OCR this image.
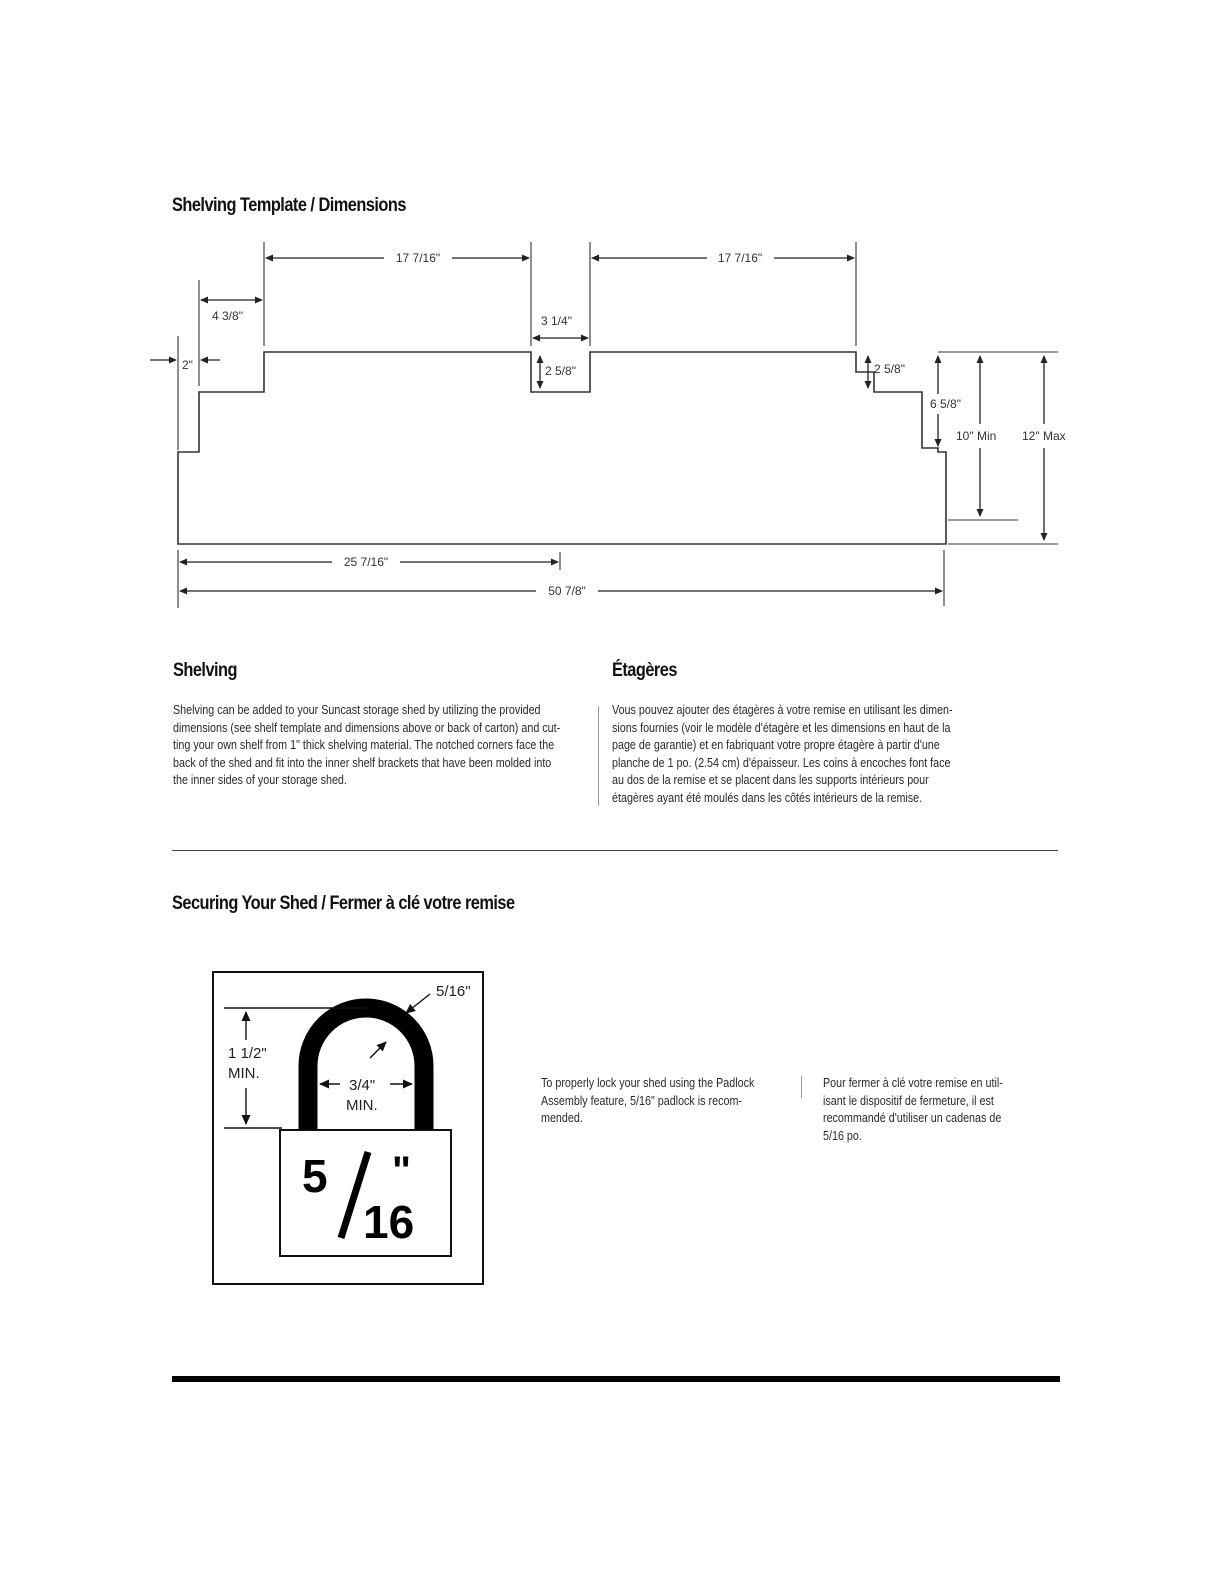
Shelving Template / Dimensions
17 7/16"	17 7/16"
4 3/8"	3 1/4"
2"	2 5/8"	2 5/8"
6 5/8"
10" Min 12" Max
25 7/16"
50 7/8"
Shelving	Étagères
Shelving can be added to your Suncast storage shed by utilizing the provided
dimensions (see shelf template and dimensions above or back of carton) and cut-
ting your own shelf from 1" thick shelving material. The notched corners face the
back of the shed and fit into the inner shelf brackets that have been molded into
the inner sides of your storage shed.
Vous pouvez ajouter des étagères à votre remise en utilisant les dimen-
sions fournies (voir le modèle d'étagère et les dimensions en haut de la
page de garantie) et en fabriquant votre propre étagère à partir d'une
planche de 1 po. (2.54 cm) d'épaisseur. Les coins à encoches font face
au dos de la remise et se placent dans les supports intérieurs pour
étagères ayant été moulés dans les côtés intérieurs de la remise.
Securing Your Shed / Fermer à clé votre remise
5/16"
1 1/2"
MIN.
3/4"
MIN.
5
16
"
To properly lock your shed using the Padlock
Assembly feature, 5/16" padlock is recom-
mended.
Pour fermer à clé votre remise en util-
isant le dispositif de fermeture, il est
recommandé d'utiliser un cadenas de
5/16 po.
